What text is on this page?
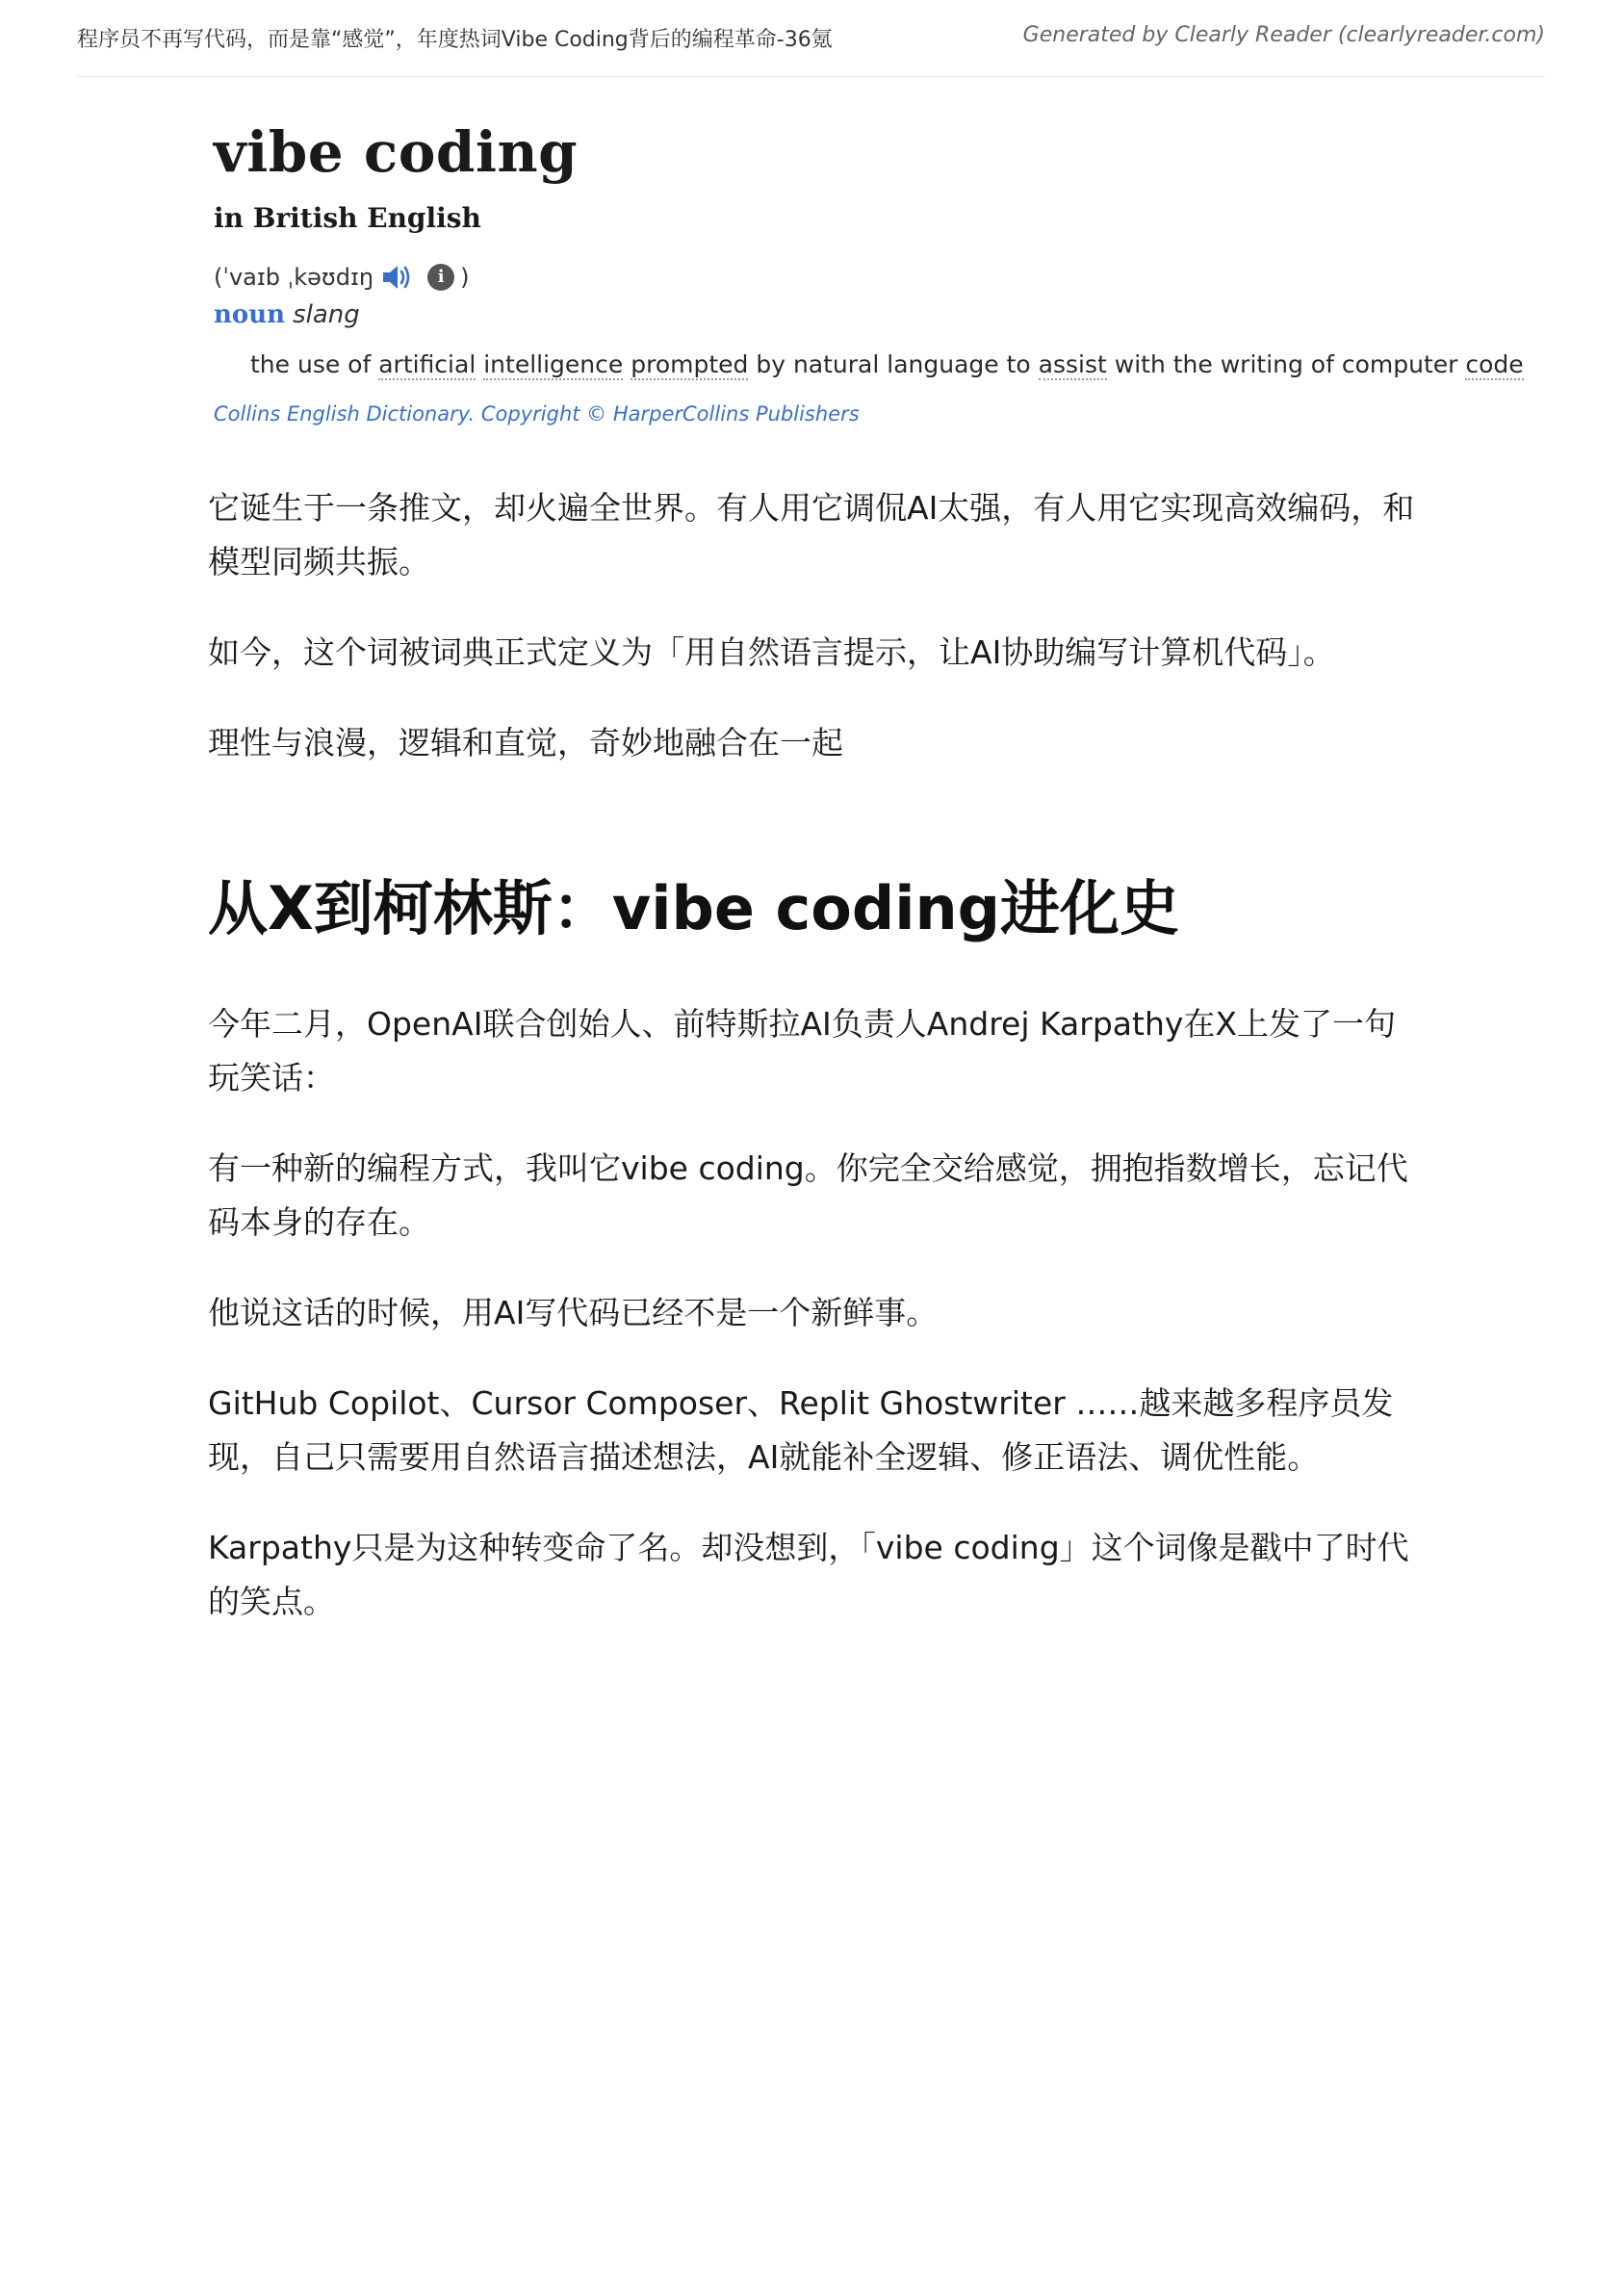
程序员不再写代码，而是靠“感觉”，年度热词Vibe Coding背后的编程革命-36氪	Generated by Clearly Reader (clearlyreader.com)
vibe coding
in British English
(ˈvaɪb ˌkəʊdɪŋ	i )
noun slang
the use of artificial intelligence prompted by natural language to assist with the writing of computer code
Collins English Dictionary. Copyright © HarperCollins Publishers

它诞生于一条推文，却火遍全世界。有人用它调侃AI太强，有人用它实现高效编码，和模型同频共振。

如今，这个词被词典正式定义为「用自然语言提示，让AI协助编写计算机代码」。

理性与浪漫，逻辑和直觉，奇妙地融合在一起

从X到柯林斯：vibe coding进化史

今年二月，OpenAI联合创始人、前特斯拉AI负责人Andrej Karpathy在X上发了一句玩笑话：

有一种新的编程方式，我叫它vibe coding。你完全交给感觉，拥抱指数增长，忘记代码本身的存在。

他说这话的时候，用AI写代码已经不是一个新鲜事。

GitHub Copilot、Cursor Composer、Replit Ghostwriter ……越来越多程序员发现，自己只需要用自然语言描述想法，AI就能补全逻辑、修正语法、调优性能。

Karpathy只是为这种转变命了名。却没想到，「vibe coding」这个词像是戳中了时代的笑点。
